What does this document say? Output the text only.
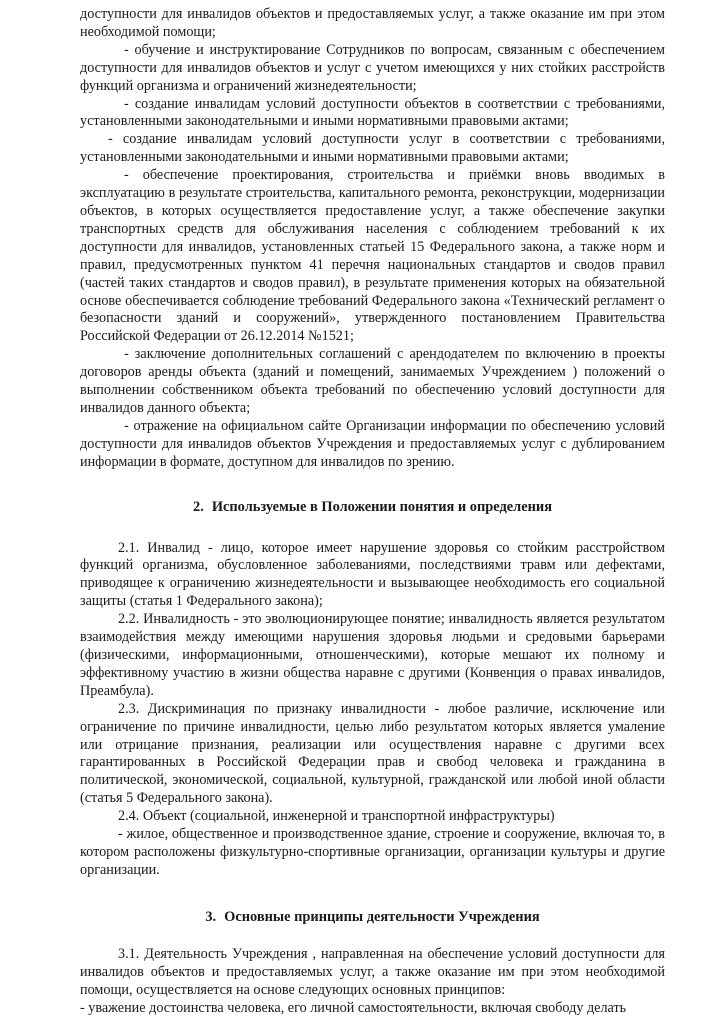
доступности для инвалидов объектов и предоставляемых услуг, а также оказание им при этом необходимой помощи;

- обучение и инструктирование Сотрудников по вопросам, связанным с обеспечением доступности для инвалидов объектов и услуг с учетом имеющихся у них стойких расстройств функций организма и ограничений жизнедеятельности;

- создание инвалидам условий доступности объектов в соответствии с требованиями, установленными законодательными и иными нормативными правовыми актами;

- создание инвалидам условий доступности услуг в соответствии с требованиями, установленными законодательными и иными нормативными правовыми актами;

- обеспечение проектирования, строительства и приёмки вновь вводимых в эксплуатацию в результате строительства, капитального ремонта, реконструкции, модернизации объектов, в которых осуществляется предоставление услуг, а также обеспечение закупки транспортных средств для обслуживания населения с соблюдением требований к их доступности для инвалидов, установленных статьей 15 Федерального закона, а также норм и правил, предусмотренных пунктом 41 перечня национальных стандартов и сводов правил (частей таких стандартов и сводов правил), в результате применения которых на обязательной основе обеспечивается соблюдение требований Федерального закона «Технический регламент о безопасности зданий и сооружений», утвержденного постановлением Правительства Российской Федерации от 26.12.2014 №1521;

- заключение дополнительных соглашений с арендодателем по включению в проекты договоров аренды объекта (зданий и помещений, занимаемых Учреждением ) положений о выполнении собственником объекта требований по обеспечению условий доступности для инвалидов данного объекта;

- отражение на официальном сайте Организации информации по обеспечению условий доступности для инвалидов объектов Учреждения и предоставляемых услуг с дублированием информации в формате, доступном для инвалидов по зрению.

2. Используемые в Положении понятия и определения

2.1. Инвалид - лицо, которое имеет нарушение здоровья со стойким расстройством функций организма, обусловленное заболеваниями, последствиями травм или дефектами, приводящее к ограничению жизнедеятельности и вызывающее необходимость его социальной защиты (статья 1 Федерального закона);

2.2. Инвалидность - это эволюционирующее понятие; инвалидность является результатом взаимодействия между имеющими нарушения здоровья людьми и средовыми барьерами (физическими, информационными, отношенческими), которые мешают их полному и эффективному участию в жизни общества наравне с другими (Конвенция о правах инвалидов, Преамбула).

2.3. Дискриминация по признаку инвалидности - любое различие, исключение или ограничение по причине инвалидности, целью либо результатом которых является умаление или отрицание признания, реализации или осуществления наравне с другими всех гарантированных в Российской Федерации прав и свобод человека и гражданина в политической, экономической, социальной, культурной, гражданской или любой иной области (статья 5 Федерального закона).

2.4. Объект (социальной, инженерной и транспортной инфраструктуры)

- жилое, общественное и производственное здание, строение и сооружение, включая то, в котором расположены физкультурно-спортивные организации, организации культуры и другие организации.

3. Основные принципы деятельности Учреждения

3.1. Деятельность Учреждения , направленная на обеспечение условий доступности для инвалидов объектов и предоставляемых услуг, а также оказание им при этом необходимой помощи, осуществляется на основе следующих основных принципов:

- уважение достоинства человека, его личной самостоятельности, включая свободу делать
